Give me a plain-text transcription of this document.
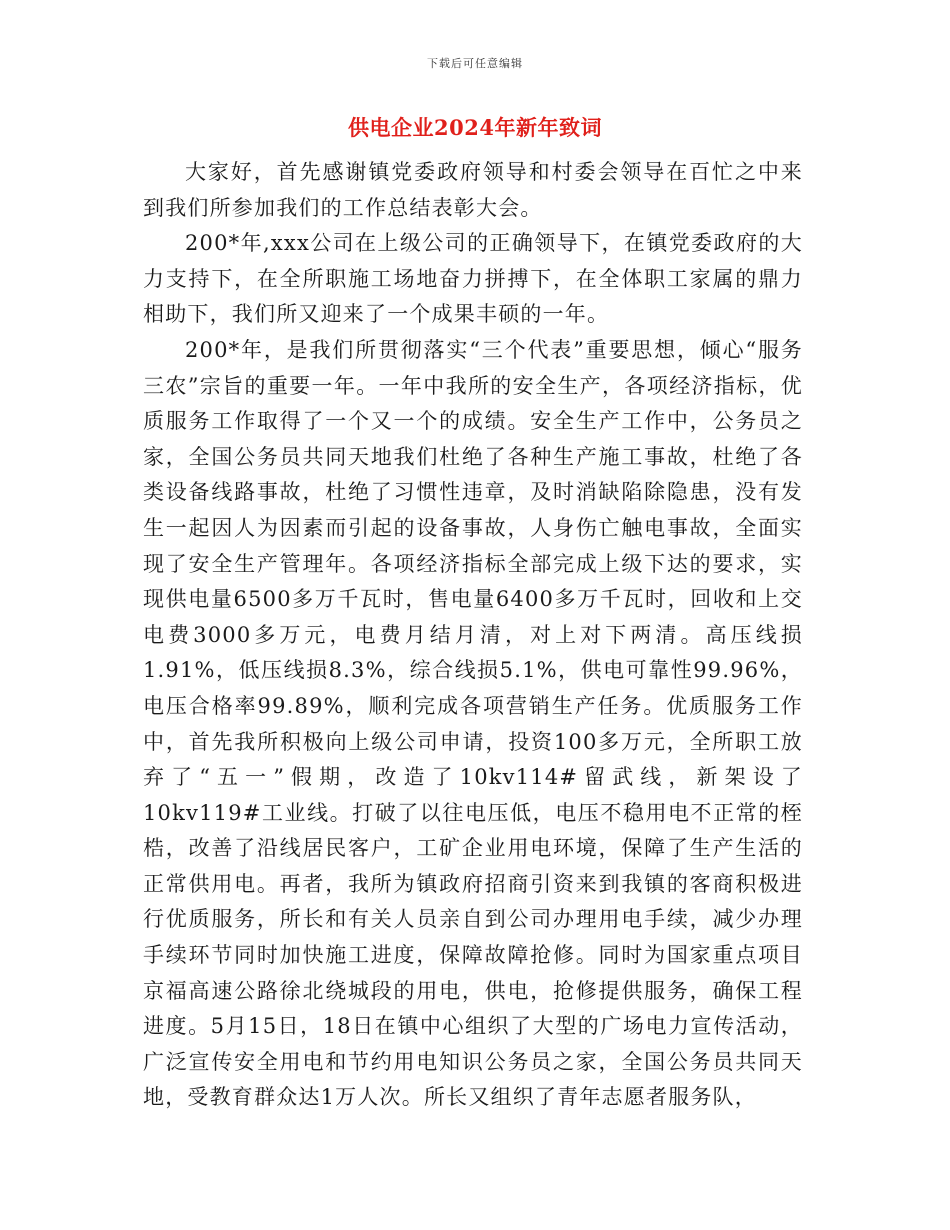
下载后可任意编辑
供电企业2024年新年致词

大家好，首先感谢镇党委政府领导和村委会领导在百忙之中来到我们所参加我们的工作总结表彰大会。

200*年,xxx公司在上级公司的正确领导下，在镇党委政府的大力支持下，在全所职施工场地奋力拼搏下，在全体职工家属的鼎力相助下，我们所又迎来了一个成果丰硕的一年。

200*年，是我们所贯彻落实“三个代表”重要思想，倾心“服务三农”宗旨的重要一年。一年中我所的安全生产，各项经济指标，优质服务工作取得了一个又一个的成绩。安全生产工作中，公务员之家，全国公务员共同天地我们杜绝了各种生产施工事故，杜绝了各类设备线路事故，杜绝了习惯性违章，及时消缺陷除隐患，没有发生一起因人为因素而引起的设备事故，人身伤亡触电事故，全面实现了安全生产管理年。各项经济指标全部完成上级下达的要求，实现供电量6500多万千瓦时，售电量6400多万千瓦时，回收和上交电费3000多万元，电费月结月清，对上对下两清。高压线损1.91%，低压线损8.3%，综合线损5.1%，供电可靠性99.96%，电压合格率99.89%，顺利完成各项营销生产任务。优质服务工作中，首先我所积极向上级公司申请，投资100多万元，全所职工放弃了“五一”假期，改造了10kv114#留武线，新架设了10kv119#工业线。打破了以往电压低，电压不稳用电不正常的桎梏，改善了沿线居民客户，工矿企业用电环境，保障了生产生活的正常供用电。再者，我所为镇政府招商引资来到我镇的客商积极进行优质服务，所长和有关人员亲自到公司办理用电手续，减少办理手续环节同时加快施工进度，保障故障抢修。同时为国家重点项目京福高速公路徐北绕城段的用电，供电，抢修提供服务，确保工程进度。5月15日，18日在镇中心组织了大型的广场电力宣传活动，广泛宣传安全用电和节约用电知识公务员之家，全国公务员共同天地，受教育群众达1万人次。所长又组织了青年志愿者服务队，
